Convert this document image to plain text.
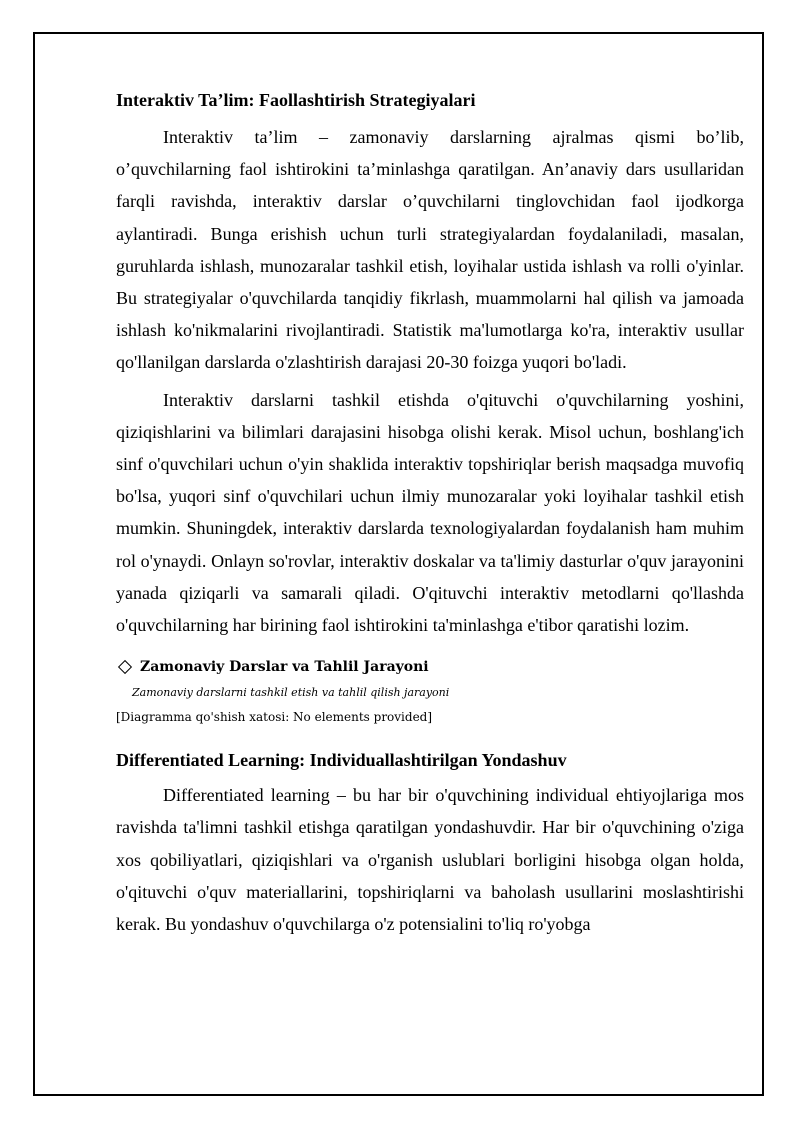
Interaktiv Ta’lim: Faollashtirish Strategiyalari

Interaktiv ta’lim – zamonaviy darslarning ajralmas qismi bo’lib, o’quvchilarning faol ishtirokini ta’minlashga qaratilgan. An’anaviy dars usullaridan farqli ravishda, interaktiv darslar o’quvchilarni tinglovchidan faol ijodkorga aylantiradi. Bunga erishish uchun turli strategiyalardan foydalaniladi, masalan, guruhlarda ishlash, munozaralar tashkil etish, loyihalar ustida ishlash va rolli o'yinlar. Bu strategiyalar o'quvchilarda tanqidiy fikrlash, muammolarni hal qilish va jamoada ishlash ko'nikmalarini rivojlantiradi. Statistik ma'lumotlarga ko'ra, interaktiv usullar qo'llanilgan darslarda o'zlashtirish darajasi 20-30 foizga yuqori bo'ladi.

Interaktiv darslarni tashkil etishda o'qituvchi o'quvchilarning yoshini, qiziqishlarini va bilimlari darajasini hisobga olishi kerak. Misol uchun, boshlang'ich sinf o'quvchilari uchun o'yin shaklida interaktiv topshiriqlar berish maqsadga muvofiq bo'lsa, yuqori sinf o'quvchilari uchun ilmiy munozaralar yoki loyihalar tashkil etish mumkin. Shuningdek, interaktiv darslarda texnologiyalardan foydalanish ham muhim rol o'ynaydi. Onlayn so'rovlar, interaktiv doskalar va ta'limiy dasturlar o'quv jarayonini yanada qiziqarli va samarali qiladi. O'qituvchi interaktiv metodlarni qo'llashda o'quvchilarning har birining faol ishtirokini ta'minlashga e'tibor qaratishi lozim.

Zamonaviy Darslar va Tahlil Jarayoni
Zamonaviy darslarni tashkil etish va tahlil qilish jarayoni
[Diagramma qo'shish xatosi: No elements provided]
Differentiated Learning: Individuallashtirilgan Yondashuv

Differentiated learning – bu har bir o'quvchining individual ehtiyojlariga mos ravishda ta'limni tashkil etishga qaratilgan yondashuvdir. Har bir o'quvchining o'ziga xos qobiliyatlari, qiziqishlari va o'rganish uslublari borligini hisobga olgan holda, o'qituvchi o'quv materiallarini, topshiriqlarni va baholash usullarini moslashtirishi kerak. Bu yondashuv o'quvchilarga o'z potensialini to'liq ro'yobga
